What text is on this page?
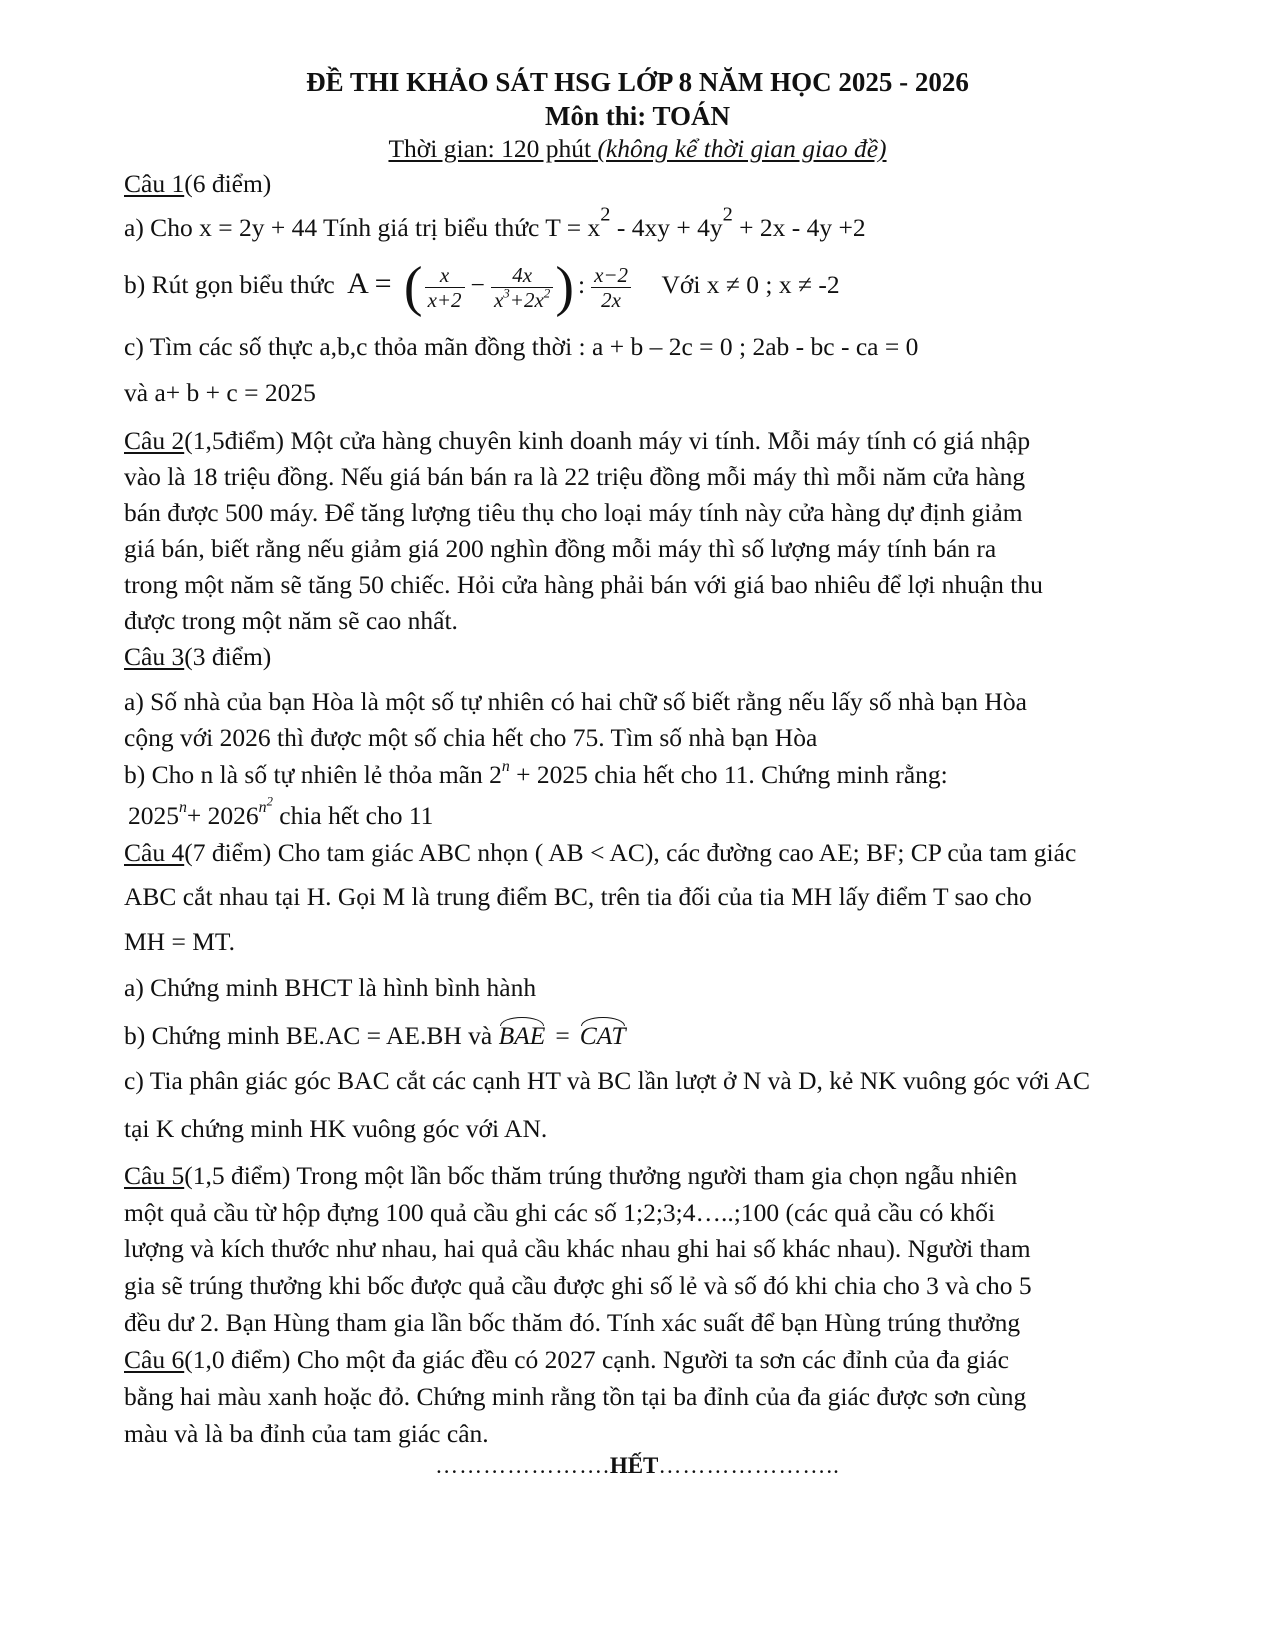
ĐỀ THI KHẢO SÁT HSG LỚP 8 NĂM HỌC 2025 - 2026
Môn thi: TOÁN
Thời gian: 120 phút (không kể thời gian giao đề)
Câu 1(6 điểm)
a) Cho x = 2y + 44 Tính giá trị biểu thức $T = x^2 - 4xy + 4y^2 + 2x - 4y +2$
b) Rút gọn biểu thức A = ( $\frac{x}{x+2} - \frac{4x}{x^3+2x^2}$ ) : $\frac{x-2}{2x}$ Với x ≠ 0 ; x ≠ -2
c) Tìm các số thực a,b,c thỏa mãn đồng thời : a + b – 2c = 0 ; 2ab - bc - ca = 0
và a+ b + c = 2025
Câu 2(1,5điểm) Một cửa hàng chuyên kinh doanh máy vi tính. Mỗi máy tính có giá nhập
vào là 18 triệu đồng. Nếu giá bán bán ra là 22 triệu đồng mỗi máy thì mỗi năm cửa hàng
bán được 500 máy. Để tăng lượng tiêu thụ cho loại máy tính này cửa hàng dự định giảm
giá bán, biết rằng nếu giảm giá 200 nghìn đồng mỗi máy thì số lượng máy tính bán ra
trong một năm sẽ tăng 50 chiếc. Hỏi cửa hàng phải bán với giá bao nhiêu để lợi nhuận thu
được trong một năm sẽ cao nhất.
Câu 3(3 điểm)
a) Số nhà của bạn Hòa là một số tự nhiên có hai chữ số biết rằng nếu lấy số nhà bạn Hòa
cộng với 2026 thì được một số chia hết cho 75. Tìm số nhà bạn Hòa
b) Cho n là số tự nhiên lẻ thỏa mãn $2^n + 2025$ chia hết cho 11. Chứng minh rằng:
$2025^n+ 2026^{n^2}$ chia hết cho 11
Câu 4(7 điểm) Cho tam giác ABC nhọn ( AB < AC), các đường cao AE; BF; CP của tam giác
ABC cắt nhau tại H. Gọi M là trung điểm BC, trên tia đối của tia MH lấy điểm T sao cho
MH = MT.
a) Chứng minh BHCT là hình bình hành
b) Chứng minh BE.AC = AE.BH và BAE = CAT
c) Tia phân giác góc BAC cắt các cạnh HT và BC lần lượt ở N và D, kẻ NK vuông góc với AC
tại K chứng minh HK vuông góc với AN.
Câu 5(1,5 điểm) Trong một lần bốc thăm trúng thưởng người tham gia chọn ngẫu nhiên
một quả cầu từ hộp đựng 100 quả cầu ghi các số 1;2;3;4…..;100 (các quả cầu có khối
lượng và kích thước như nhau, hai quả cầu khác nhau ghi hai số khác nhau). Người tham
gia sẽ trúng thưởng khi bốc được quả cầu được ghi số lẻ và số đó khi chia cho 3 và cho 5
đều dư 2. Bạn Hùng tham gia lần bốc thăm đó. Tính xác suất để bạn Hùng trúng thưởng
Câu 6(1,0 điểm) Cho một đa giác đều có 2027 cạnh. Người ta sơn các đỉnh của đa giác
bằng hai màu xanh hoặc đỏ. Chứng minh rằng tồn tại ba đỉnh của đa giác được sơn cùng
màu và là ba đỉnh của tam giác cân.
………………….HẾT…………………..
